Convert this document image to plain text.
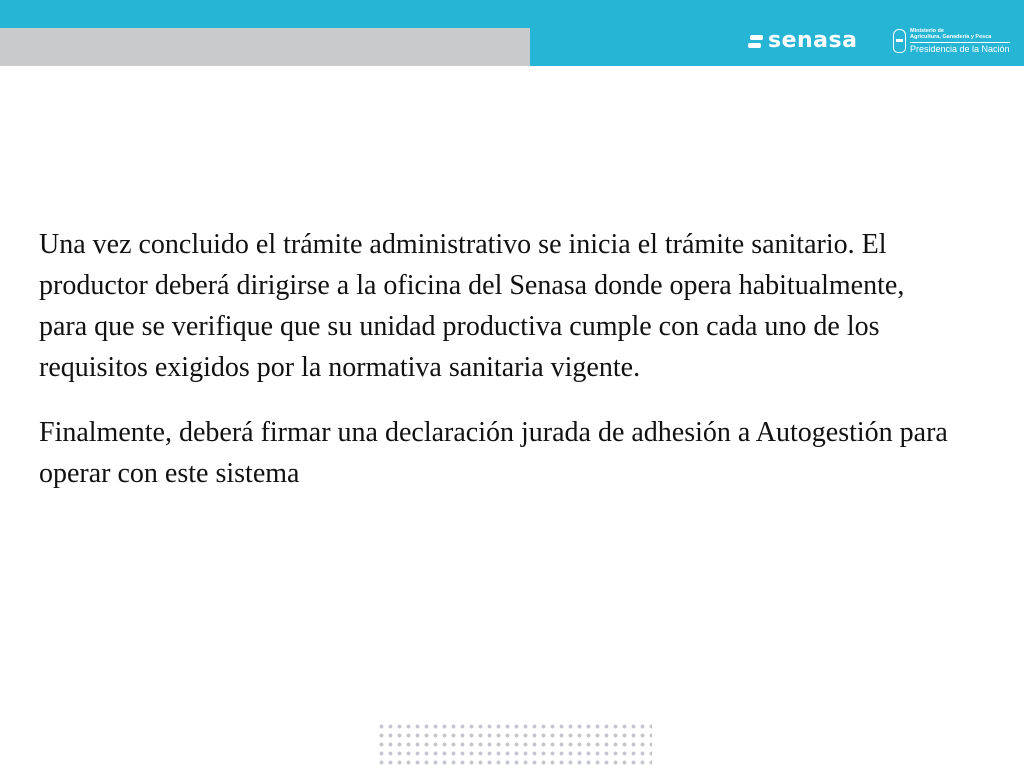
senasa	Ministerio de
Agricultura, Ganadería y Pesca
Presidencia de la Nación

Una vez concluido el trámite administrativo se inicia el trámite sanitario. El productor deberá dirigirse a la oficina del Senasa donde opera habitualmente, para que se verifique que su unidad productiva cumple con cada uno de los requisitos exigidos por la normativa sanitaria vigente.

Finalmente, deberá firmar una declaración jurada de adhesión a Autogestión para operar con este sistema
